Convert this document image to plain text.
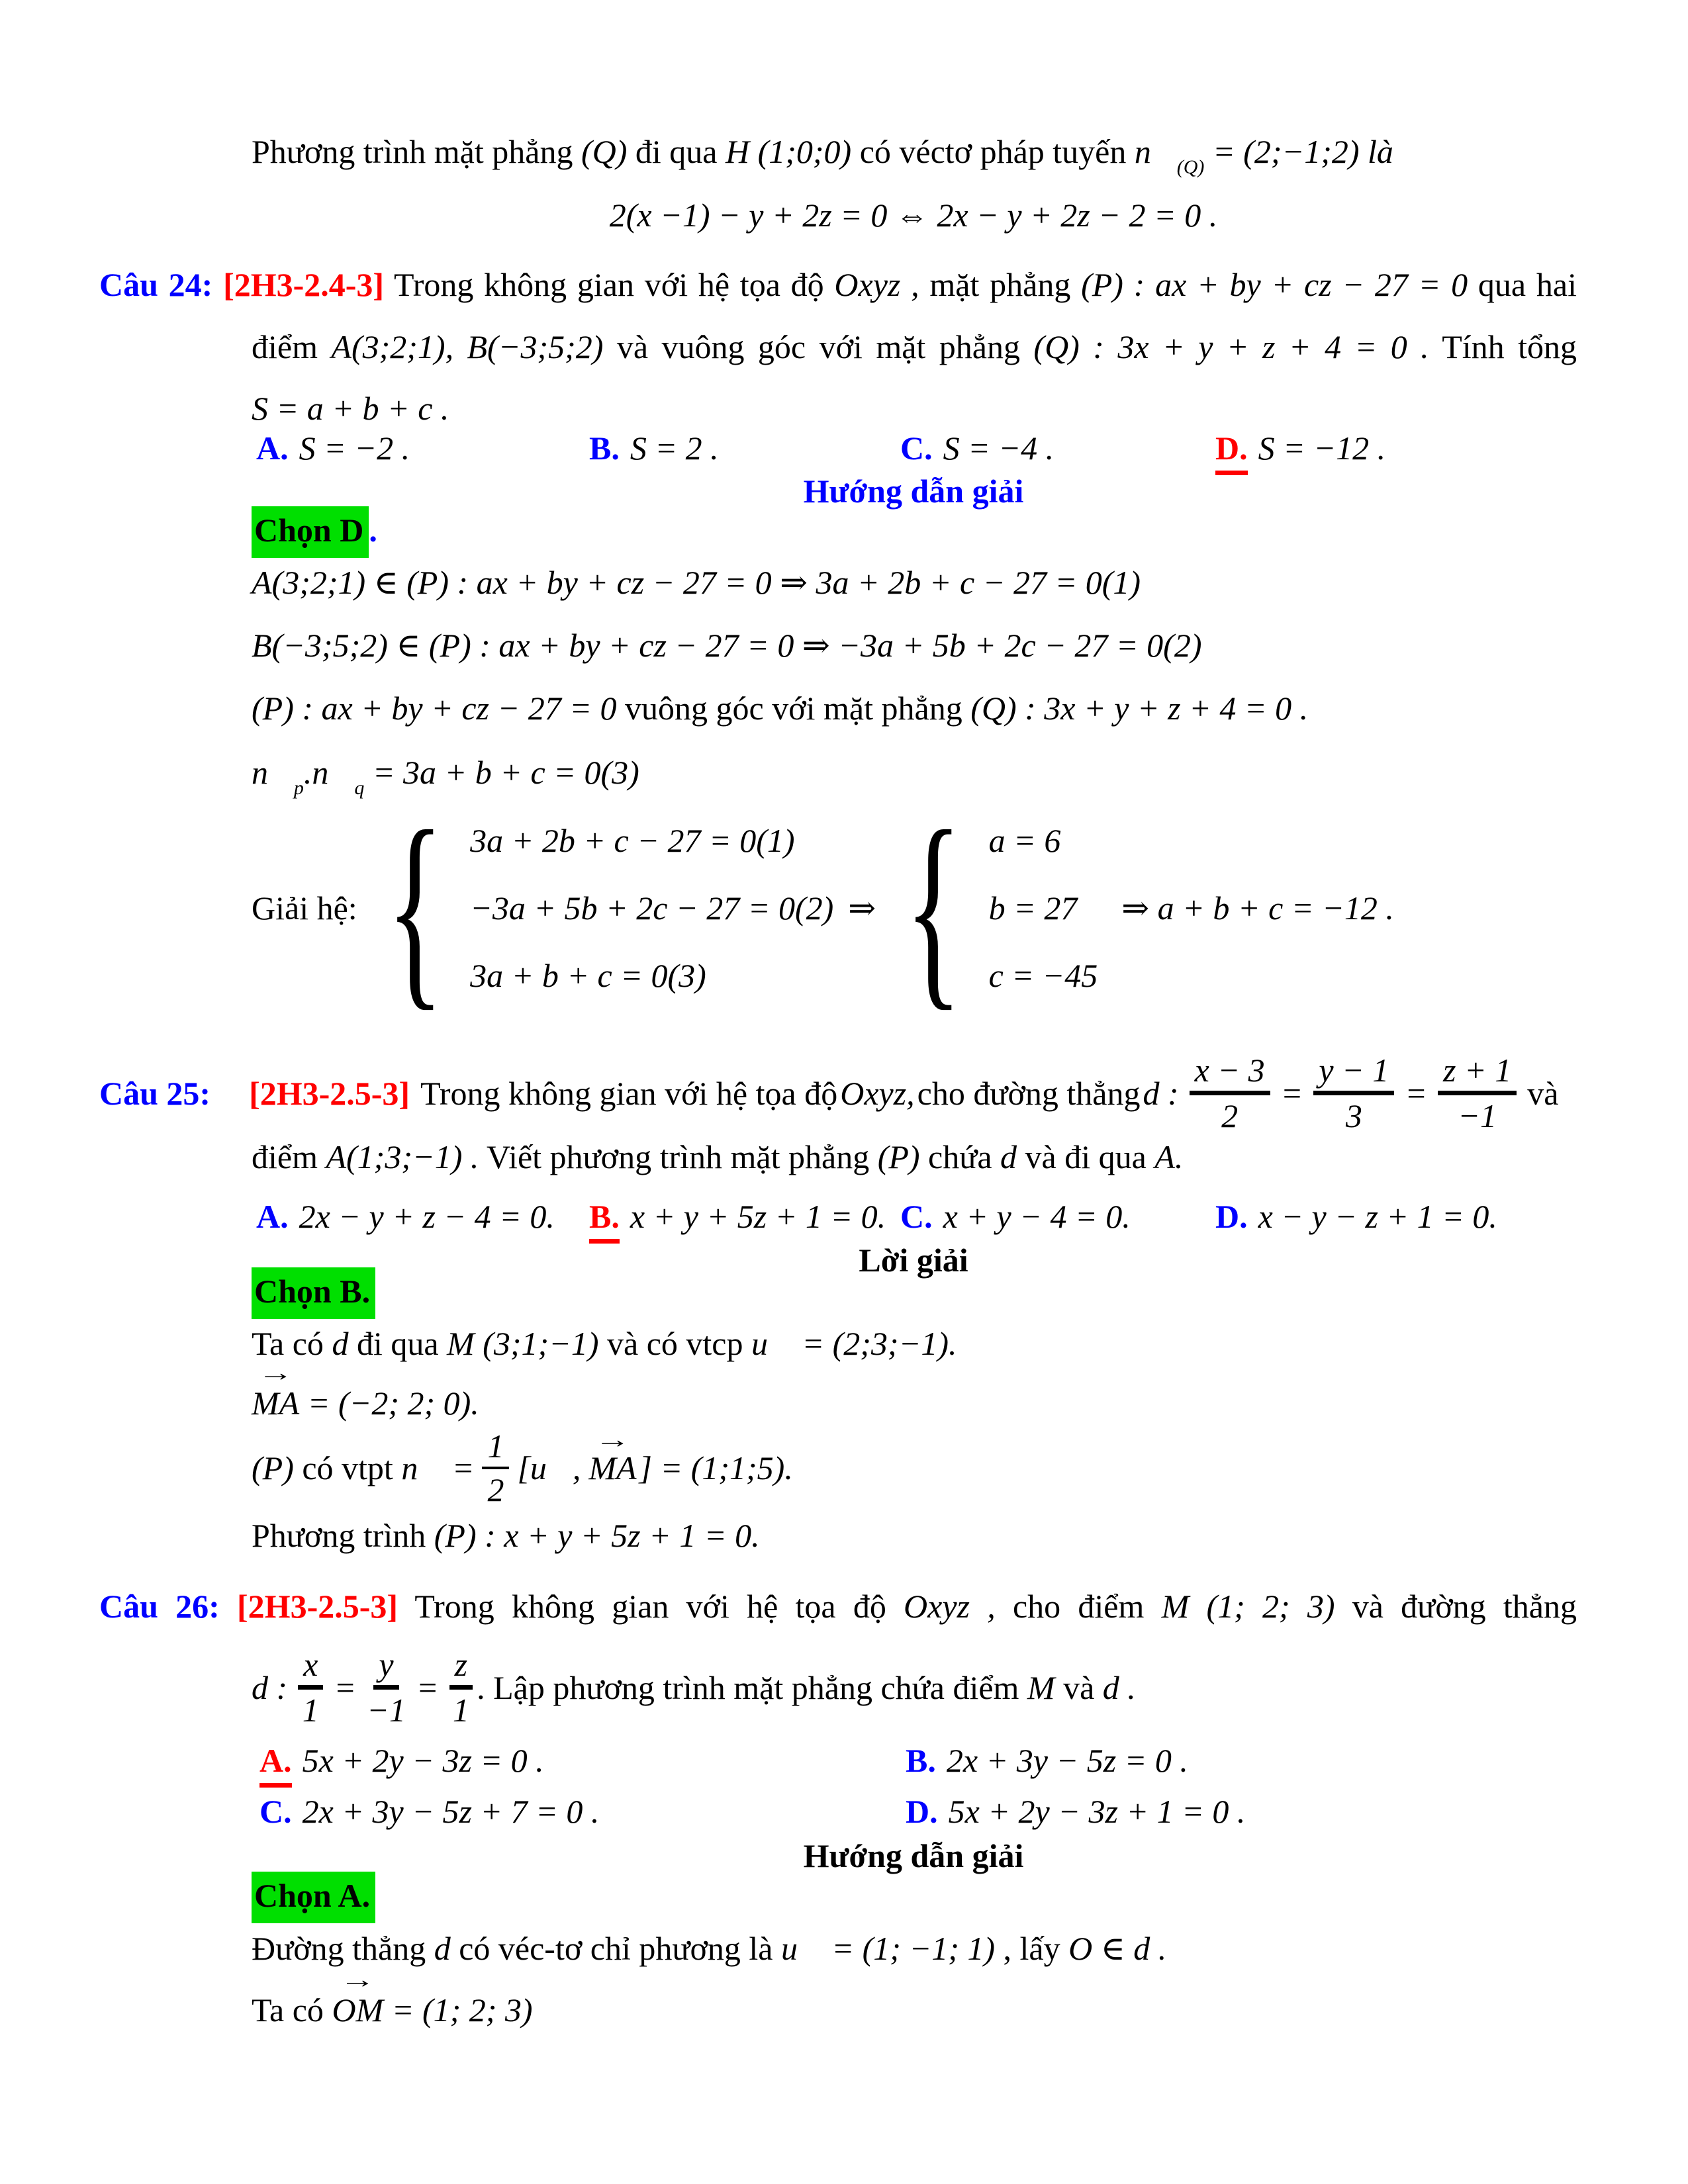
Phương trình mặt phẳng (Q) đi qua H (1;0;0) có véctơ pháp tuyến $n⃗_{(Q)}$ = (2;−1;2) là
2(x −1) − y + 2z = 0 ⇔ 2x − y + 2z − 2 = 0 .
Câu 24: [2H3-2.4-3] Trong không gian với hệ tọa độ Oxyz , mặt phẳng (P) : ax + by + cz − 27 = 0 qua hai
điểm A(3;2;1), B(−3;5;2) và vuông góc với mặt phẳng (Q) : 3x + y + z + 4 = 0 . Tính tổng
S = a + b + c .
A. S = −2 .	B. S = 2 .	C. S = −4 .	D. S = −12 .
Hướng dẫn giải
Chọn D .
A(3;2;1) ∈ (P) : ax + by + cz − 27 = 0 ⇒ 3a + 2b + c − 27 = 0(1)
B(−3;5;2) ∈ (P) : ax + by + cz − 27 = 0 ⇒ −3a + 5b + 2c − 27 = 0(2)
(P) : ax + by + cz − 27 = 0 vuông góc với mặt phẳng (Q) : 3x + y + z + 4 = 0 .
$n⃗_p.n⃗_q = 3a + b + c = 0(3)$
Giải hệ: { 3a + 2b + c − 27 = 0(1)
−3a + 5b + 2c − 27 = 0(2)
3a + b + c = 0(3)
⇒ { a = 6
b = 27
c = −45
⇒ a + b + c = −12 .
Câu 25: [2H3-2.5-3] Trong không gian với hệ tọa độ Oxyz, cho đường thẳng d : $\frac{x - 3}{2} = \frac{y - 1}{3} = \frac{z + 1}{-1}$ và
điểm A(1;3;−1) . Viết phương trình mặt phẳng (P) chứa d và đi qua A.
A. 2x − y + z − 4 = 0. B. x + y + 5z + 1 = 0. C. x + y − 4 = 0.	D. x − y − z + 1 = 0.
Lời giải
Chọn B.
Ta có d đi qua M (3;1;−1) và có vtcp u⃗ = (2;3;−1).
→
MA = (−2; 2; 0).
(P) có vtpt n⃗ = $\frac{1}{2}$ [u⃗,
→
MA ] = (1;1;5).
Phương trình (P) : x + y + 5z + 1 = 0.
Câu 26: [2H3-2.5-3] Trong không gian với hệ tọa độ Oxyz , cho điểm M (1; 2; 3) và đường thẳng
d : $\frac{x}{1} = \frac{y}{-1} = \frac{z}{1}$ . Lập phương trình mặt phẳng chứa điểm M và d .
A. 5x + 2y − 3z = 0 .	B. 2x + 3y − 5z = 0 .
C. 2x + 3y − 5z + 7 = 0 .	D. 5x + 2y − 3z + 1 = 0 .
Hướng dẫn giải
Chọn A.
Đường thẳng d có véc-tơ chỉ phương là u⃗ = (1; −1; 1) , lấy O ∈ d .
Ta có
→
OM = (1; 2; 3)
